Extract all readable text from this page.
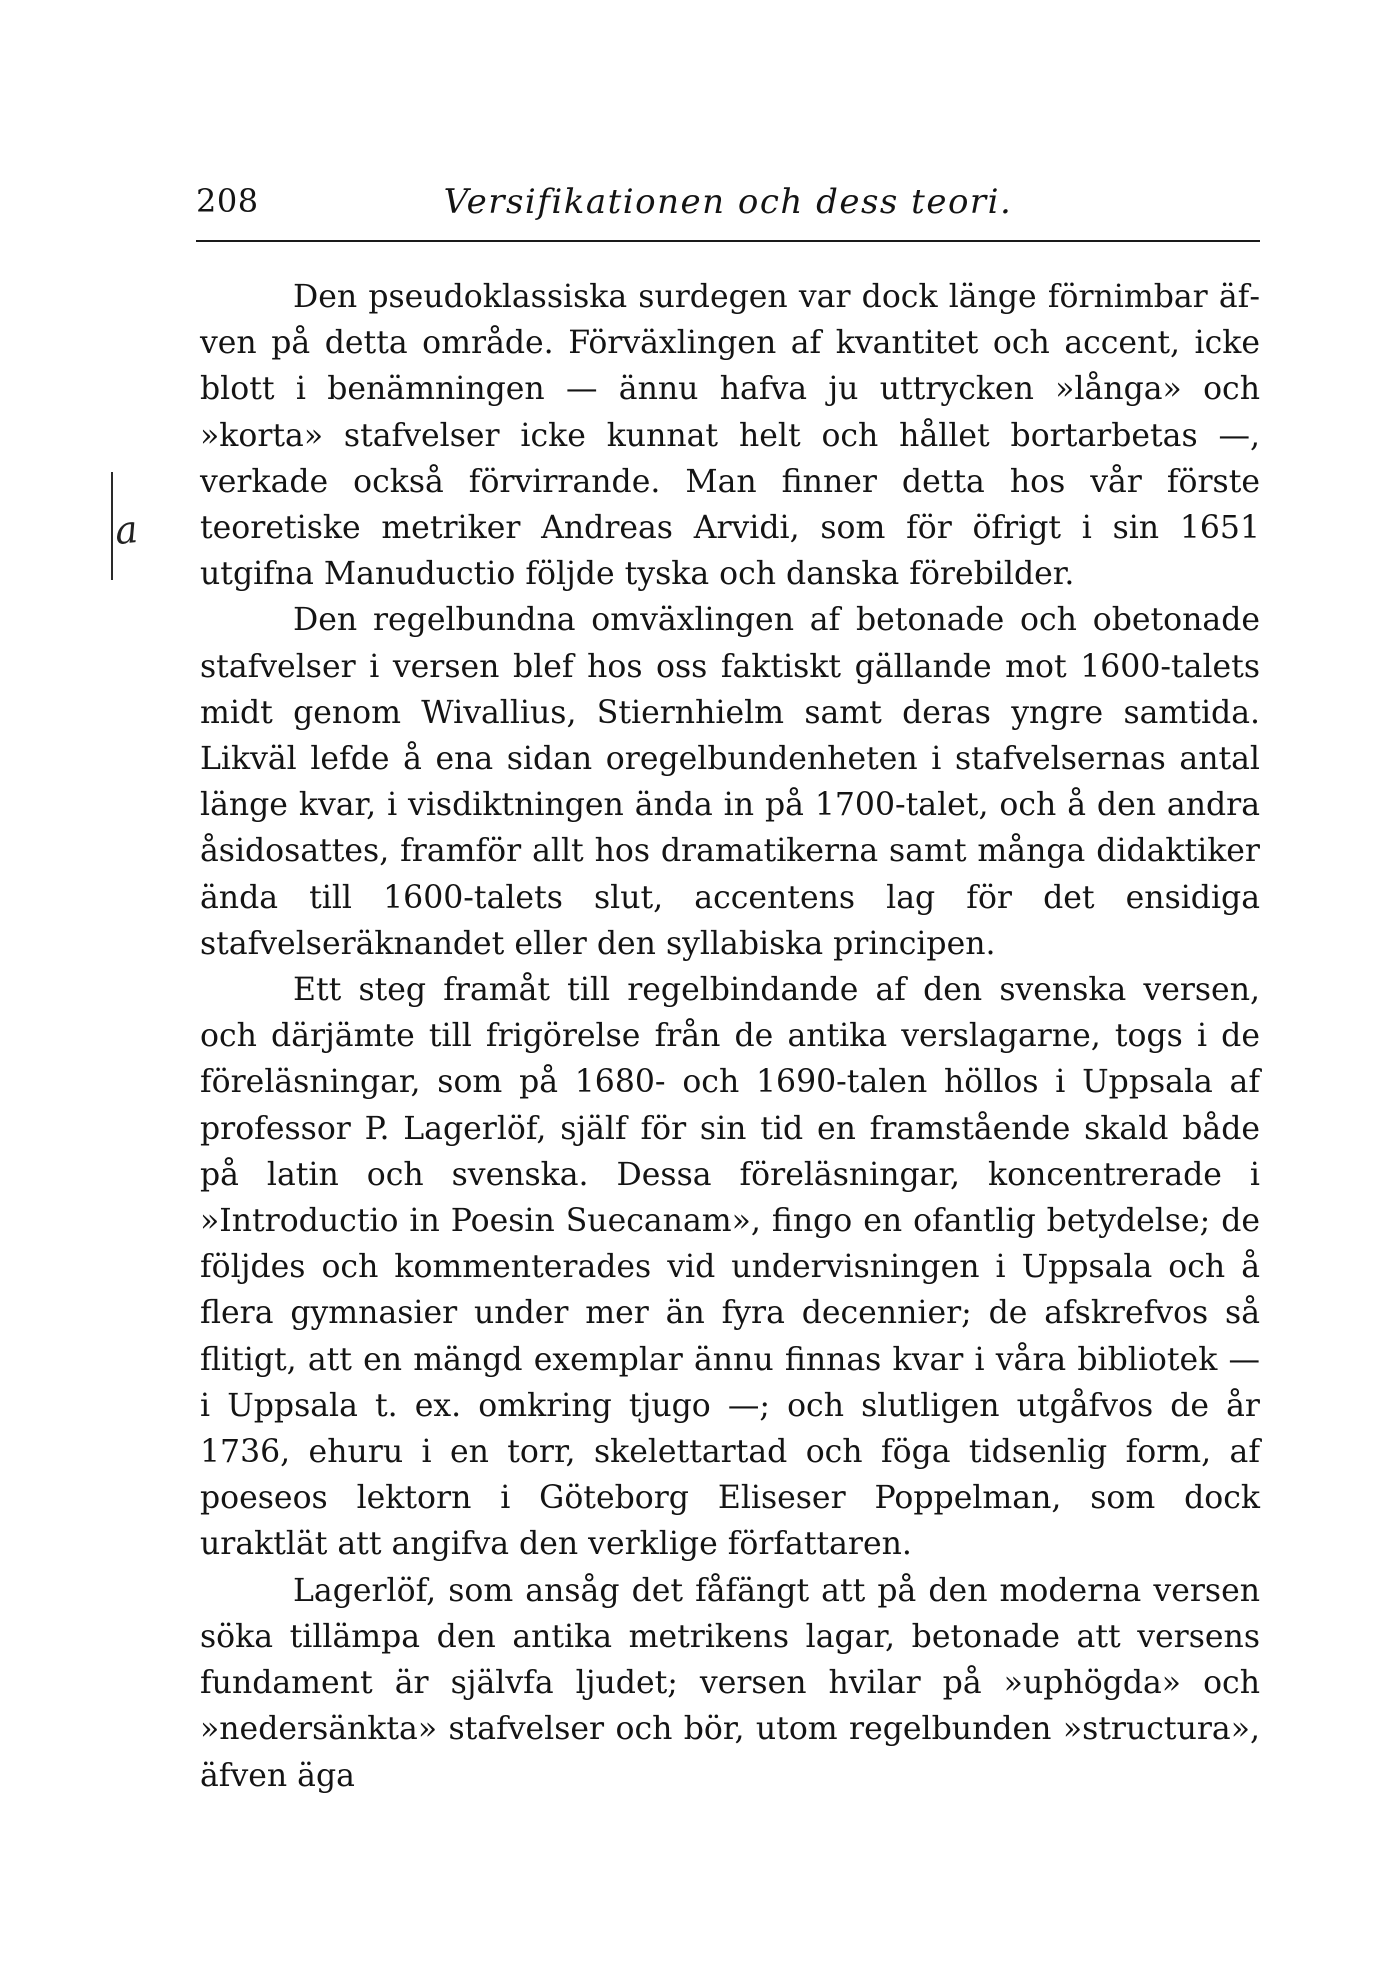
208	Versifikationen och dess teori.
a

Den pseudoklassiska surdegen var dock länge förnimbar äfven på detta område. Förväxlingen af kvantitet och accent, icke blott i benämningen — ännu hafva ju uttrycken »långa» och »korta» stafvelser icke kunnat helt och hållet bortarbetas —, verkade också förvirrande. Man finner detta hos vår förste teoretiske metriker Andreas Arvidi, som för öfrigt i sin 1651 utgifna Manuductio följde tyska och danska förebilder.

Den regelbundna omväxlingen af betonade och obetonade stafvelser i versen blef hos oss faktiskt gällande mot 1600-talets midt genom Wivallius, Stiernhielm samt deras yngre samtida. Likväl lefde å ena sidan oregelbundenheten i stafvelsernas antal länge kvar, i visdiktningen ända in på 1700-talet, och å den andra åsidosattes, framför allt hos dramatikerna samt många didaktiker ända till 1600-talets slut, accentens lag för det ensidiga stafvelseräknandet eller den syllabiska principen.

Ett steg framåt till regelbindande af den svenska versen, och därjämte till frigörelse från de antika verslagarne, togs i de föreläsningar, som på 1680- och 1690-talen höllos i Uppsala af professor P. Lagerlöf, själf för sin tid en framstående skald både på latin och svenska. Dessa föreläsningar, koncentrerade i »Introductio in Poesin Suecanam», fingo en ofantlig betydelse; de följdes och kommenterades vid undervisningen i Uppsala och å flera gymnasier under mer än fyra decennier; de afskrefvos så flitigt, att en mängd exemplar ännu finnas kvar i våra bibliotek — i Uppsala t. ex. omkring tjugo —; och slutligen utgåfvos de år 1736, ehuru i en torr, skelettartad och föga tidsenlig form, af poeseos lektorn i Göteborg Eliseser Poppelman, som dock uraktlät att angifva den verklige författaren.

Lagerlöf, som ansåg det fåfängt att på den moderna versen söka tillämpa den antika metrikens lagar, betonade att versens fundament är självfa ljudet; versen hvilar på »uphögda» och »nedersänkta» stafvelser och bör, utom regelbunden »structura», äfven äga
